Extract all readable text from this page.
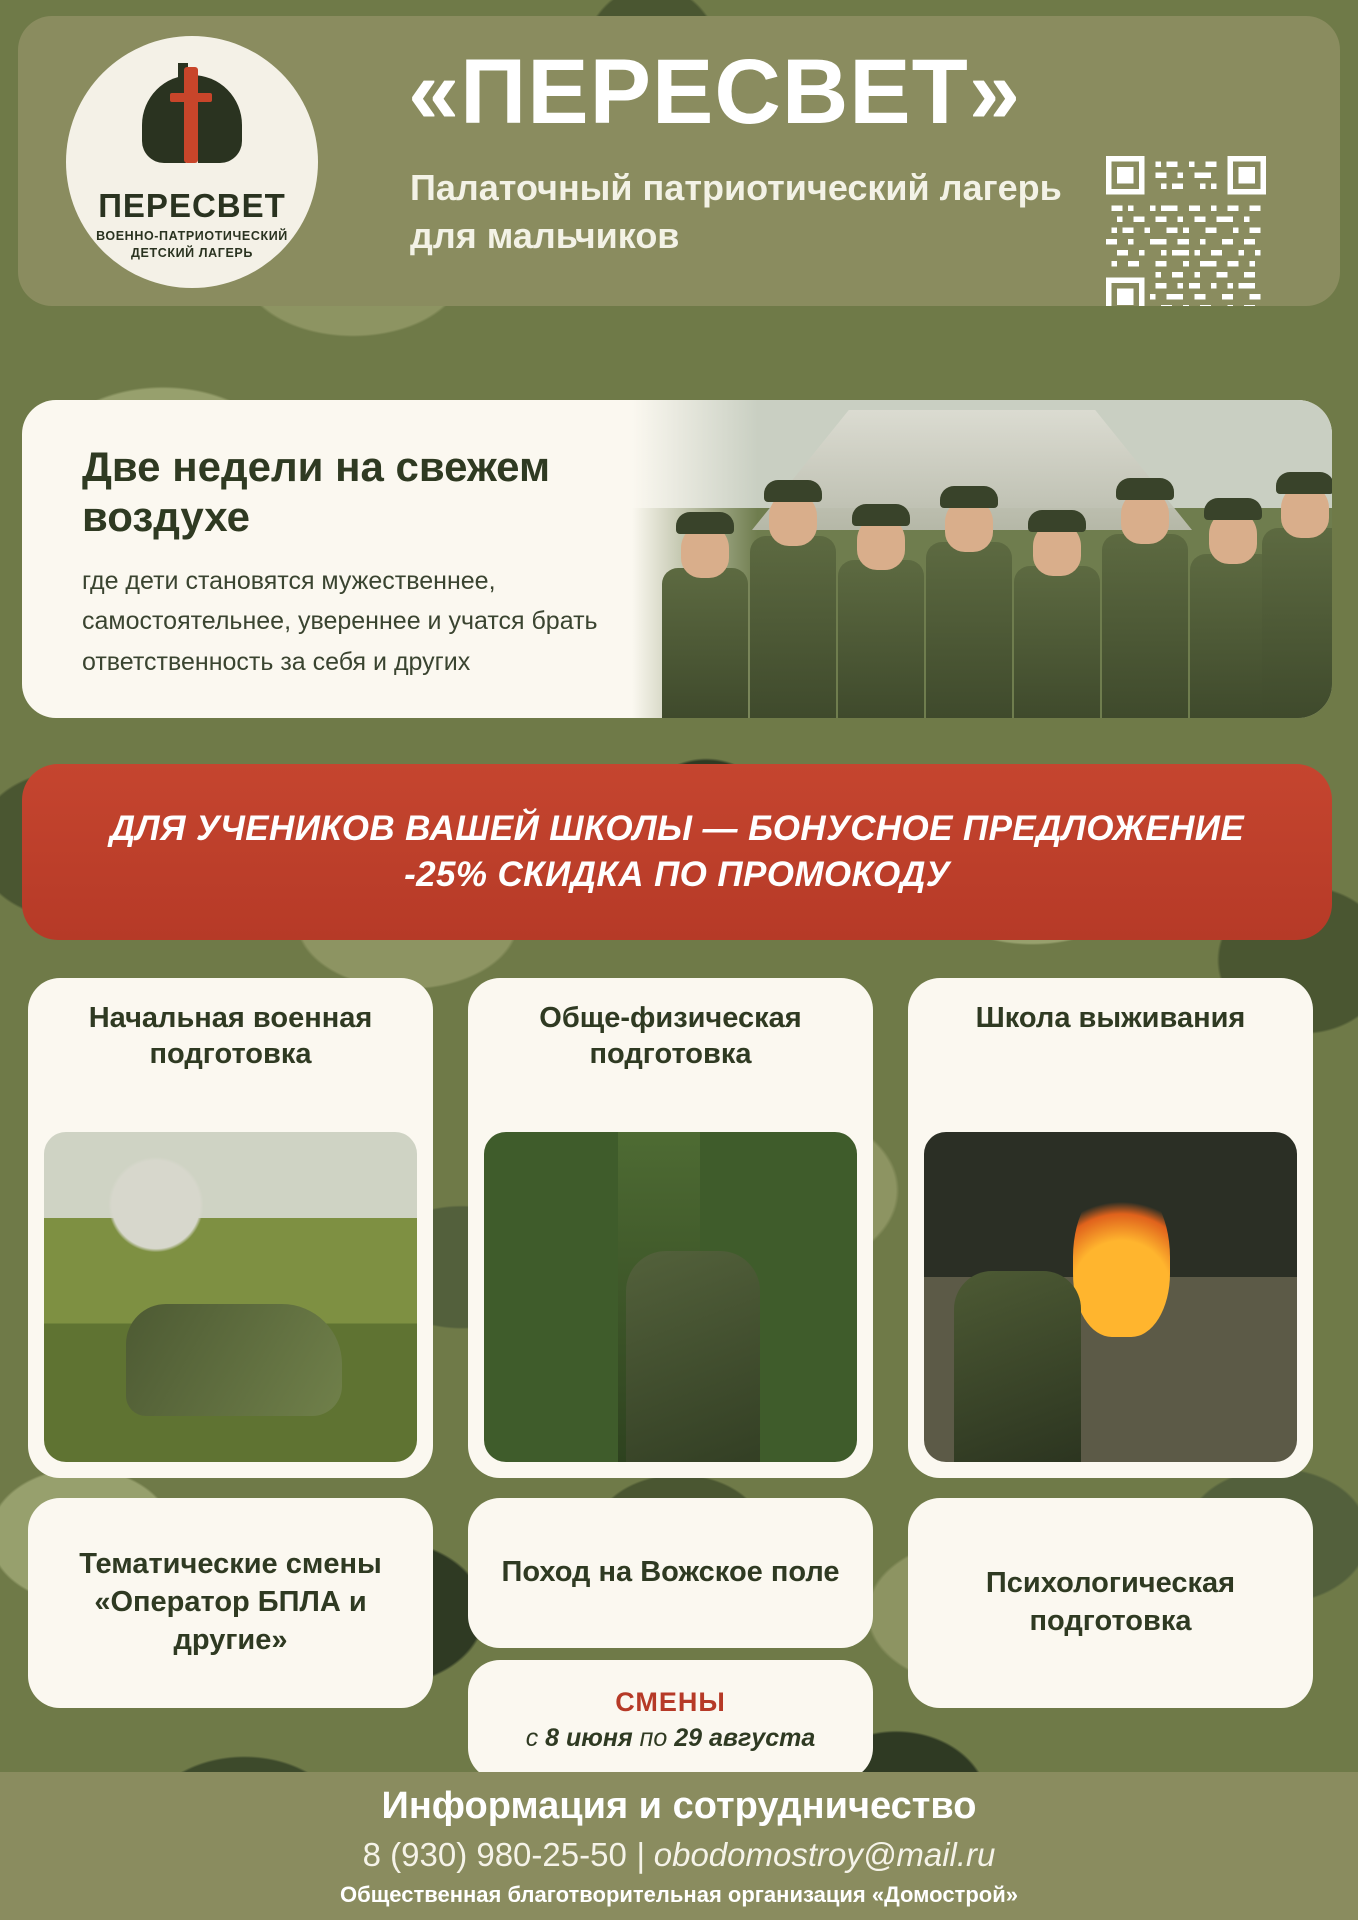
ПЕРЕСВЕТ
ВОЕННО-ПАТРИОТИЧЕСКИЙ
ДЕТСКИЙ ЛАГЕРЬ
«ПЕРЕСВЕТ»
Палаточный патриотический лагерь для мальчиков
Две недели на свежем воздухе
где дети становятся мужественнее, самостоятельнее, увереннее и учатся брать ответственность за себя и других
ДЛЯ УЧЕНИКОВ ВАШЕЙ ШКОЛЫ — БОНУСНОЕ ПРЕДЛОЖЕНИЕ
-25% СКИДКА ПО ПРОМОКОДУ
Начальная военная подготовка
Обще-физическая подготовка
Школа выживания
Тематические смены «Оператор БПЛА и другие»
Поход на Вожское поле	Психологическая подготовка
СМЕНЫ
с 8 июня по 29 августа
Информация и сотрудничество
8 (930) 980-25-50 | obodomostroy@mail.ru
Общественная благотворительная организация «Домострой»
